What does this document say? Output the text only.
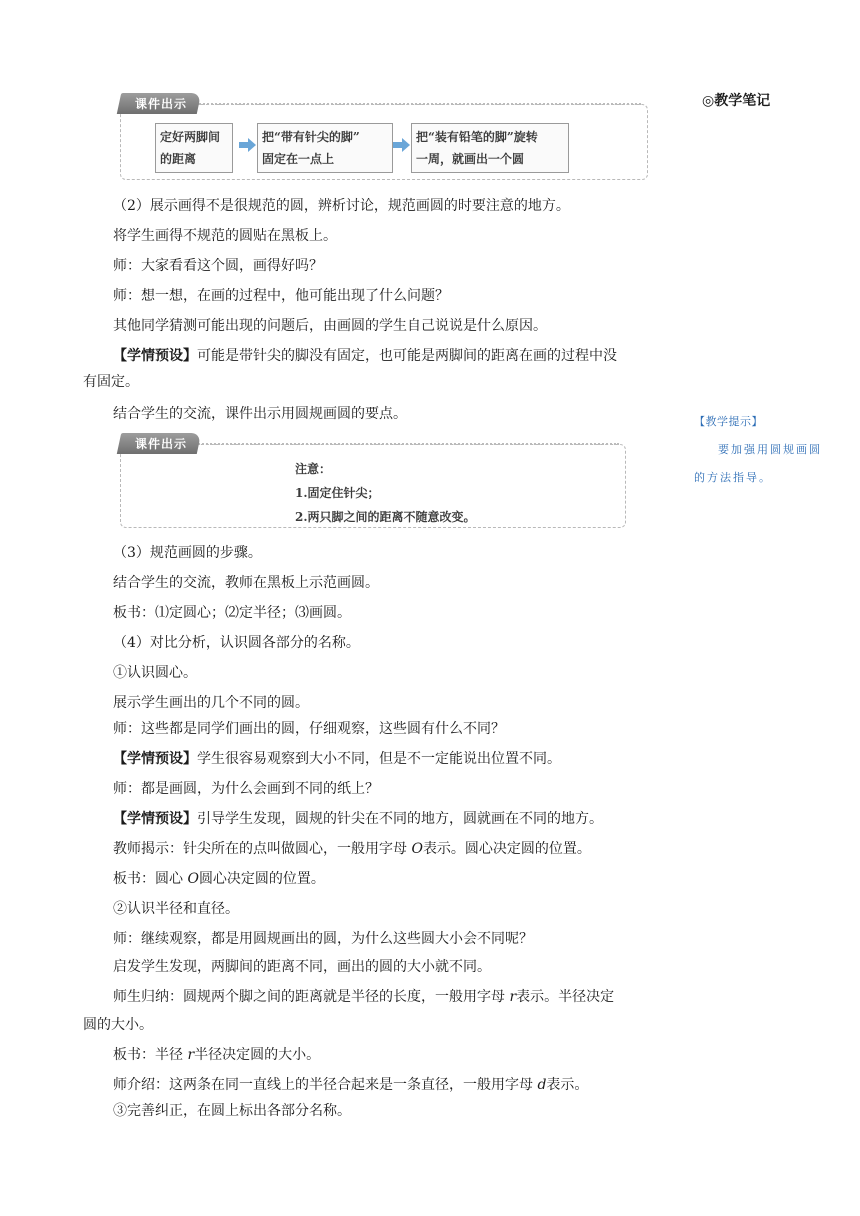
◎教学笔记
【教学提示】
要加强用圆规画圆的方法指导。
课件出示
定好两脚间
的距离
把“带有针尖的脚”
固定在一点上
把“装有铅笔的脚”旋转
一周，就画出一个圆
课件出示
注意：
1.固定住针尖；
2.两只脚之间的距离不随意改变。
（2）展示画得不是很规范的圆，辨析讨论，规范画圆的时要注意的地方。
将学生画得不规范的圆贴在黑板上。
师：大家看看这个圆，画得好吗？
师：想一想，在画的过程中，他可能出现了什么问题？
其他同学猜测可能出现的问题后，由画圆的学生自己说说是什么原因。
【学情预设】可能是带针尖的脚没有固定，也可能是两脚间的距离在画的过程中没
有固定。
结合学生的交流，课件出示用圆规画圆的要点。
（3）规范画圆的步骤。
结合学生的交流，教师在黑板上示范画圆。
板书：⑴定圆心；⑵定半径；⑶画圆。
（4）对比分析，认识圆各部分的名称。
①认识圆心。
展示学生画出的几个不同的圆。
师：这些都是同学们画出的圆，仔细观察，这些圆有什么不同？
【学情预设】学生很容易观察到大小不同，但是不一定能说出位置不同。
师：都是画圆，为什么会画到不同的纸上？
【学情预设】引导学生发现，圆规的针尖在不同的地方，圆就画在不同的地方。
教师揭示：针尖所在的点叫做圆心，一般用字母 O表示。圆心决定圆的位置。
板书：圆心 O圆心决定圆的位置。
②认识半径和直径。
师：继续观察，都是用圆规画出的圆，为什么这些圆大小会不同呢？
启发学生发现，两脚间的距离不同，画出的圆的大小就不同。
师生归纳：圆规两个脚之间的距离就是半径的长度，一般用字母 r表示。半径决定
圆的大小。
板书：半径 r半径决定圆的大小。
师介绍：这两条在同一直线上的半径合起来是一条直径，一般用字母 d表示。
③完善纠正，在圆上标出各部分名称。
